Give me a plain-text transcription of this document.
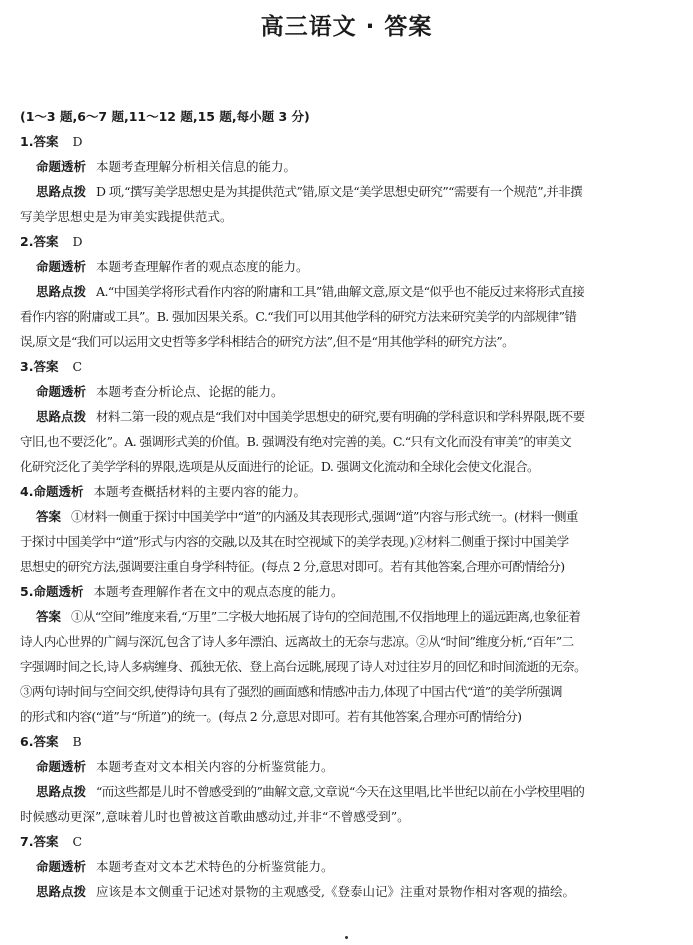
高三语文 · 答案
(1～3 题,6～7 题,11～12 题,15 题,每小题 3 分)
1.答案 D
命题透析 本题考查理解分析相关信息的能力。
思路点拨 D 项,“撰写美学思想史是为其提供范式”错,原文是“美学思想史研究”“需要有一个规范”,并非撰
写美学思想史是为审美实践提供范式。
2.答案 D
命题透析 本题考查理解作者的观点态度的能力。
思路点拨 A.“中国美学将形式看作内容的附庸和工具”错,曲解文意,原文是“似乎也不能反过来将形式直接
看作内容的附庸或工具”。B. 强加因果关系。C.“我们可以用其他学科的研究方法来研究美学的内部规律”错
误,原文是“我们可以运用文史哲等多学科相结合的研究方法”,但不是“用其他学科的研究方法”。
3.答案 C
命题透析 本题考查分析论点、论据的能力。
思路点拨 材料二第一段的观点是“我们对中国美学思想史的研究,要有明确的学科意识和学科界限,既不要
守旧,也不要泛化”。A. 强调形式美的价值。B. 强调没有绝对完善的美。C.“只有文化而没有审美”的审美文
化研究泛化了美学学科的界限,选项是从反面进行的论证。D. 强调文化流动和全球化会使文化混合。
4.命题透析 本题考查概括材料的主要内容的能力。
答案 ①材料一侧重于探讨中国美学中“道”的内涵及其表现形式,强调“道”内容与形式统一。(材料一侧重
于探讨中国美学中“道”形式与内容的交融,以及其在时空视域下的美学表现。)②材料二侧重于探讨中国美学
思想史的研究方法,强调要注重自身学科特征。(每点 2 分,意思对即可。若有其他答案,合理亦可酌情给分)
5.命题透析 本题考查理解作者在文中的观点态度的能力。
答案 ①从“空间”维度来看,“万里”二字极大地拓展了诗句的空间范围,不仅指地理上的遥远距离,也象征着
诗人内心世界的广阔与深沉,包含了诗人多年漂泊、远离故土的无奈与悲凉。②从“时间”维度分析,“百年”二
字强调时间之长,诗人多病缠身、孤独无依、登上高台远眺,展现了诗人对过往岁月的回忆和时间流逝的无奈。
③两句诗时间与空间交织,使得诗句具有了强烈的画面感和情感冲击力,体现了中国古代“道”的美学所强调
的形式和内容(“道”与“所道”)的统一。(每点 2 分,意思对即可。若有其他答案,合理亦可酌情给分)
6.答案 B
命题透析 本题考查对文本相关内容的分析鉴赏能力。
思路点拨 “而这些都是儿时不曾感受到的”曲解文意,文章说“今天在这里唱,比半世纪以前在小学校里唱的
时候感动更深”,意味着儿时也曾被这首歌曲感动过,并非“不曾感受到”。
7.答案 C
命题透析 本题考查对文本艺术特色的分析鉴赏能力。
思路点拨 应该是本文侧重于记述对景物的主观感受,《登泰山记》注重对景物作相对客观的描绘。
